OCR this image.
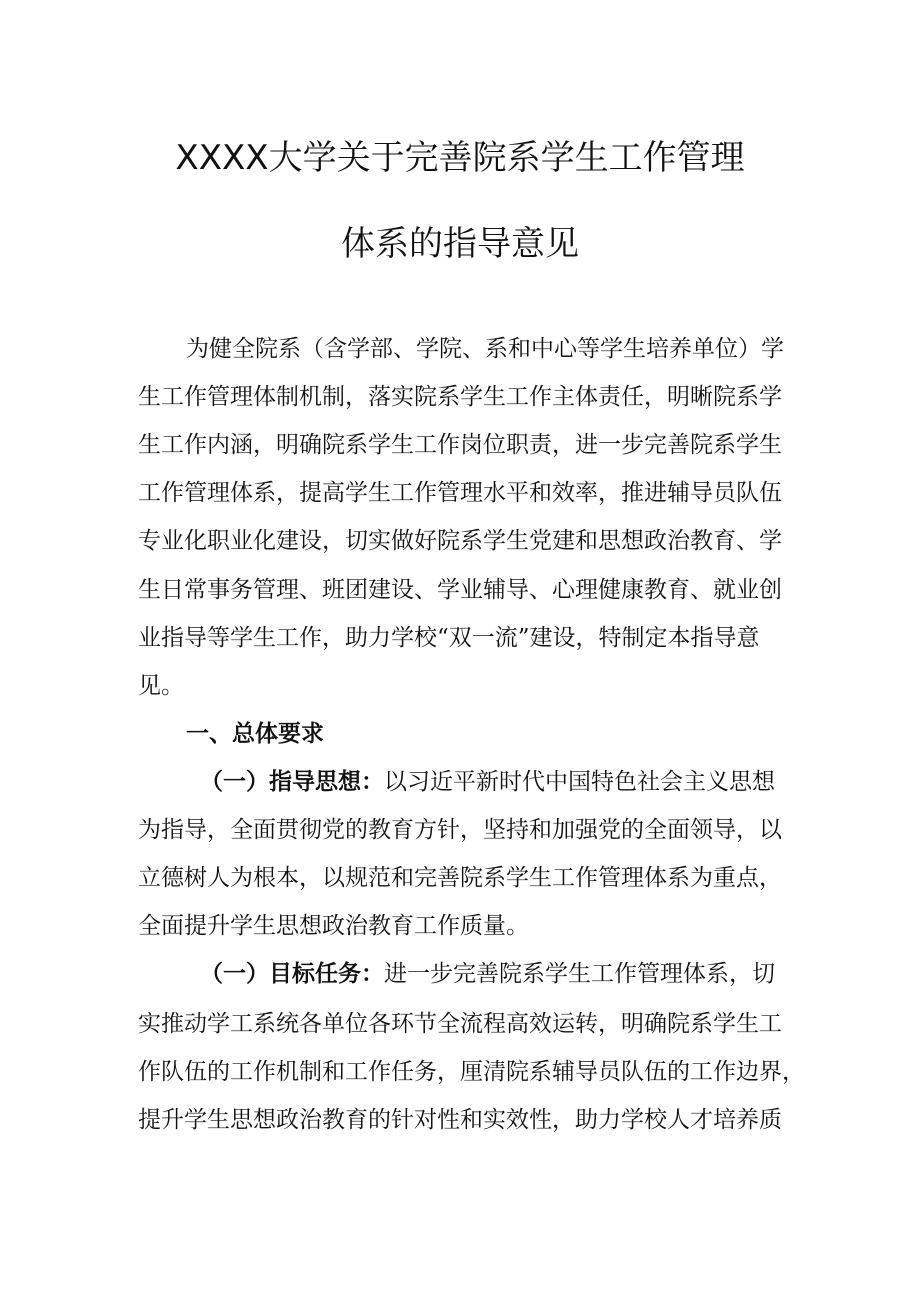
XXXX大学关于完善院系学生工作管理
体系的指导意见
为健全院系（含学部、学院、系和中心等学生培养单位）学
生工作管理体制机制，落实院系学生工作主体责任，明晰院系学
生工作内涵，明确院系学生工作岗位职责，进一步完善院系学生
工作管理体系，提高学生工作管理水平和效率，推进辅导员队伍
专业化职业化建设，切实做好院系学生党建和思想政治教育、学
生日常事务管理、班团建设、学业辅导、心理健康教育、就业创
业指导等学生工作，助力学校“双一流”建设，特制定本指导意
见。
一、总体要求
（一）指导思想：以习近平新时代中国特色社会主义思想
为指导，全面贯彻党的教育方针，坚持和加强党的全面领导，以
立德树人为根本，以规范和完善院系学生工作管理体系为重点，
全面提升学生思想政治教育工作质量。
（一）目标任务：进一步完善院系学生工作管理体系，切
实推动学工系统各单位各环节全流程高效运转，明确院系学生工
作队伍的工作机制和工作任务，厘清院系辅导员队伍的工作边界，
提升学生思想政治教育的针对性和实效性，助力学校人才培养质
